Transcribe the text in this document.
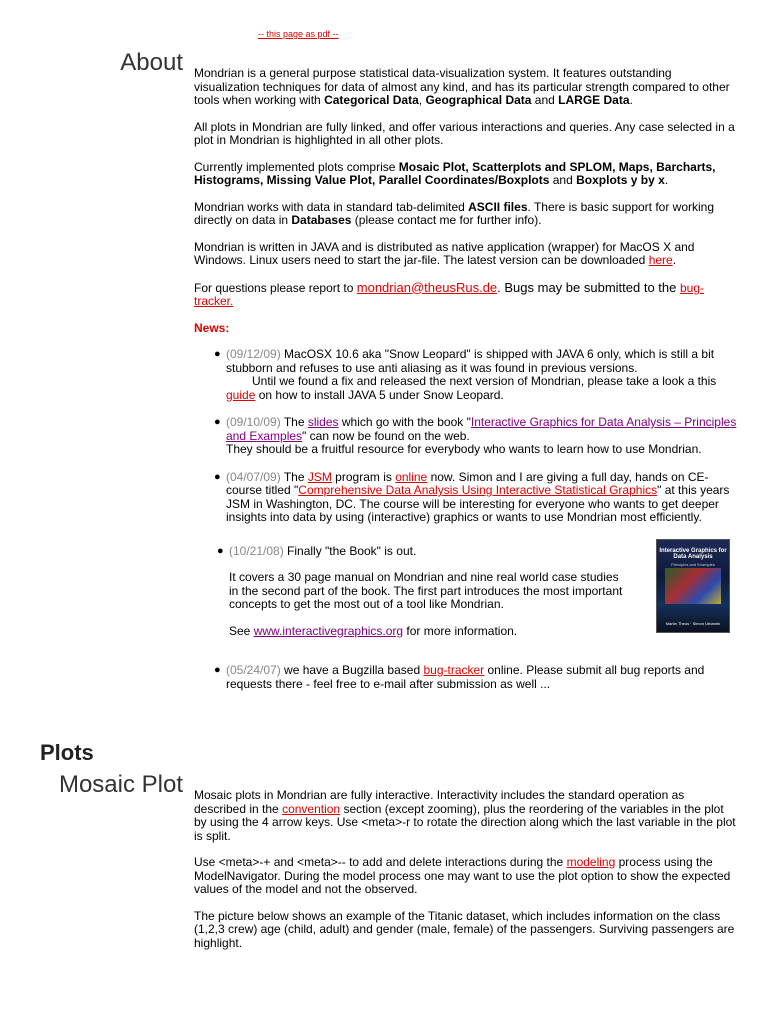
-- this page as pdf --
About Mondrian is a general purpose statistical data-visualization system. It features outstanding visualization techniques for data of almost any kind, and has its particular strength compared to other tools when working with Categorical Data, Geographical Data and LARGE Data.

All plots in Mondrian are fully linked, and offer various interactions and queries. Any case selected in a plot in Mondrian is highlighted in all other plots.

Currently implemented plots comprise Mosaic Plot, Scatterplots and SPLOM, Maps, Barcharts, Histograms, Missing Value Plot, Parallel Coordinates/Boxplots and Boxplots y by x.

Mondrian works with data in standard tab-delimited ASCII files. There is basic support for working directly on data in Databases (please contact me for further info).

Mondrian is written in JAVA and is distributed as native application (wrapper) for MacOS X and Windows. Linux users need to start the jar-file. The latest version can be downloaded here.

For questions please report to mondrian@theusRus.de. Bugs may be submitted to the bug-tracker.

News:

● (09/12/09) MacOSX 10.6 aka "Snow Leopard" is shipped with JAVA 6 only, which is still a bit stubborn and refuses to use anti aliasing as it was found in previous versions.
Until we found a fix and released the next version of Mondrian, please take a look a this guide on how to install JAVA 5 under Snow Leopard.
● (09/10/09) The slides which go with the book "Interactive Graphics for Data Analysis – Principles and Examples" can now be found on the web.
They should be a fruitful resource for everybody who wants to learn how to use Mondrian.
● (04/07/09) The JSM program is online now. Simon and I are giving a full day, hands on CE-course titled "Comprehensive Data Analysis Using Interactive Statistical Graphics" at this years JSM in Washington, DC. The course will be interesting for everyone who wants to get deeper insights into data by using (interactive) graphics or wants to use Mondrian most efficiently.
● (10/21/08) Finally "the Book" is out.
It covers a 30 page manual on Mondrian and nine real world case studies in the second part of the book. The first part introduces the most important concepts to get the most out of a tool like Mondrian.
See www.interactivegraphics.org for more information.
Interactive Graphics for Data Analysis
Principles and Examples
Martin Theus · Simon Urbanek
● (05/24/07) we have a Bugzilla based bug-tracker online. Please submit all bug reports and requests there - feel free to e-mail after submission as well ...
Plots
Mosaic Plot Mosaic plots in Mondrian are fully interactive. Interactivity includes the standard operation as described in the convention section (except zooming), plus the reordering of the variables in the plot by using the 4 arrow keys. Use <meta>-r to rotate the direction along which the last variable in the plot is split.

Use <meta>-+ and <meta>-- to add and delete interactions during the modeling process using the ModelNavigator. During the model process one may want to use the plot option to show the expected values of the model and not the observed.

The picture below shows an example of the Titanic dataset, which includes information on the class (1,2,3 crew) age (child, adult) and gender (male, female) of the passengers. Surviving passengers are highlight.
